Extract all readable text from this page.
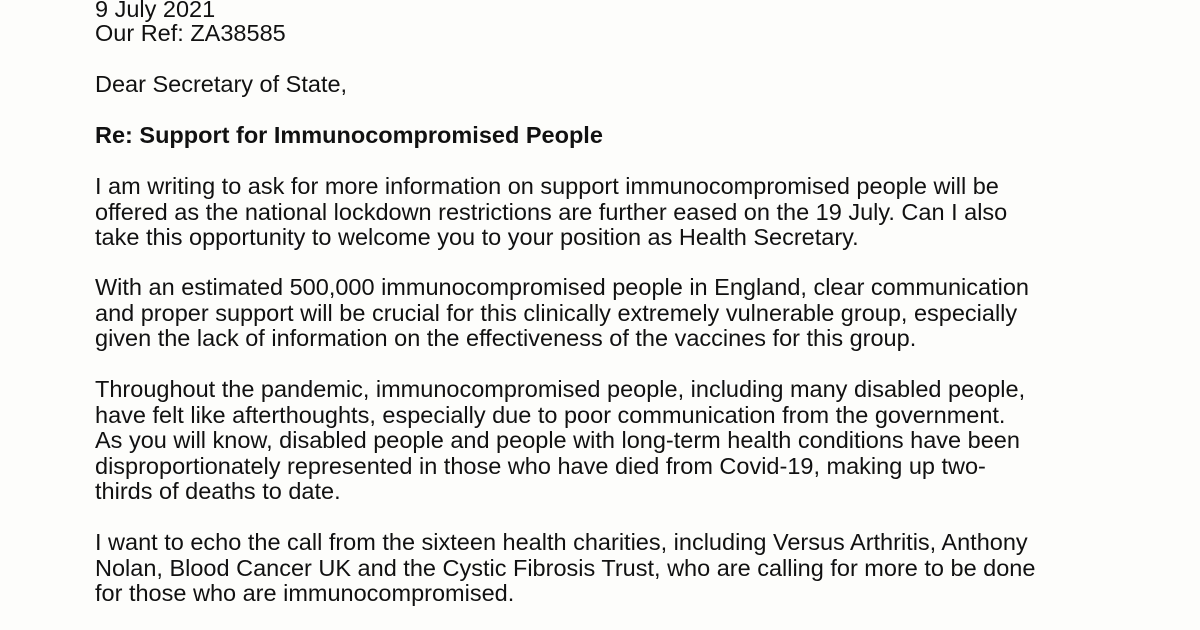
9 July 2021
Our Ref: ZA38585
Dear Secretary of State,
Re: Support for Immunocompromised People
I am writing to ask for more information on support immunocompromised people will be
offered as the national lockdown restrictions are further eased on the 19 July. Can I also
take this opportunity to welcome you to your position as Health Secretary.
With an estimated 500,000 immunocompromised people in England, clear communication
and proper support will be crucial for this clinically extremely vulnerable group, especially
given the lack of information on the effectiveness of the vaccines for this group.
Throughout the pandemic, immunocompromised people, including many disabled people,
have felt like afterthoughts, especially due to poor communication from the government.
As you will know, disabled people and people with long-term health conditions have been
disproportionately represented in those who have died from Covid-19, making up two-
thirds of deaths to date.
I want to echo the call from the sixteen health charities, including Versus Arthritis, Anthony
Nolan, Blood Cancer UK and the Cystic Fibrosis Trust, who are calling for more to be done
for those who are immunocompromised.
